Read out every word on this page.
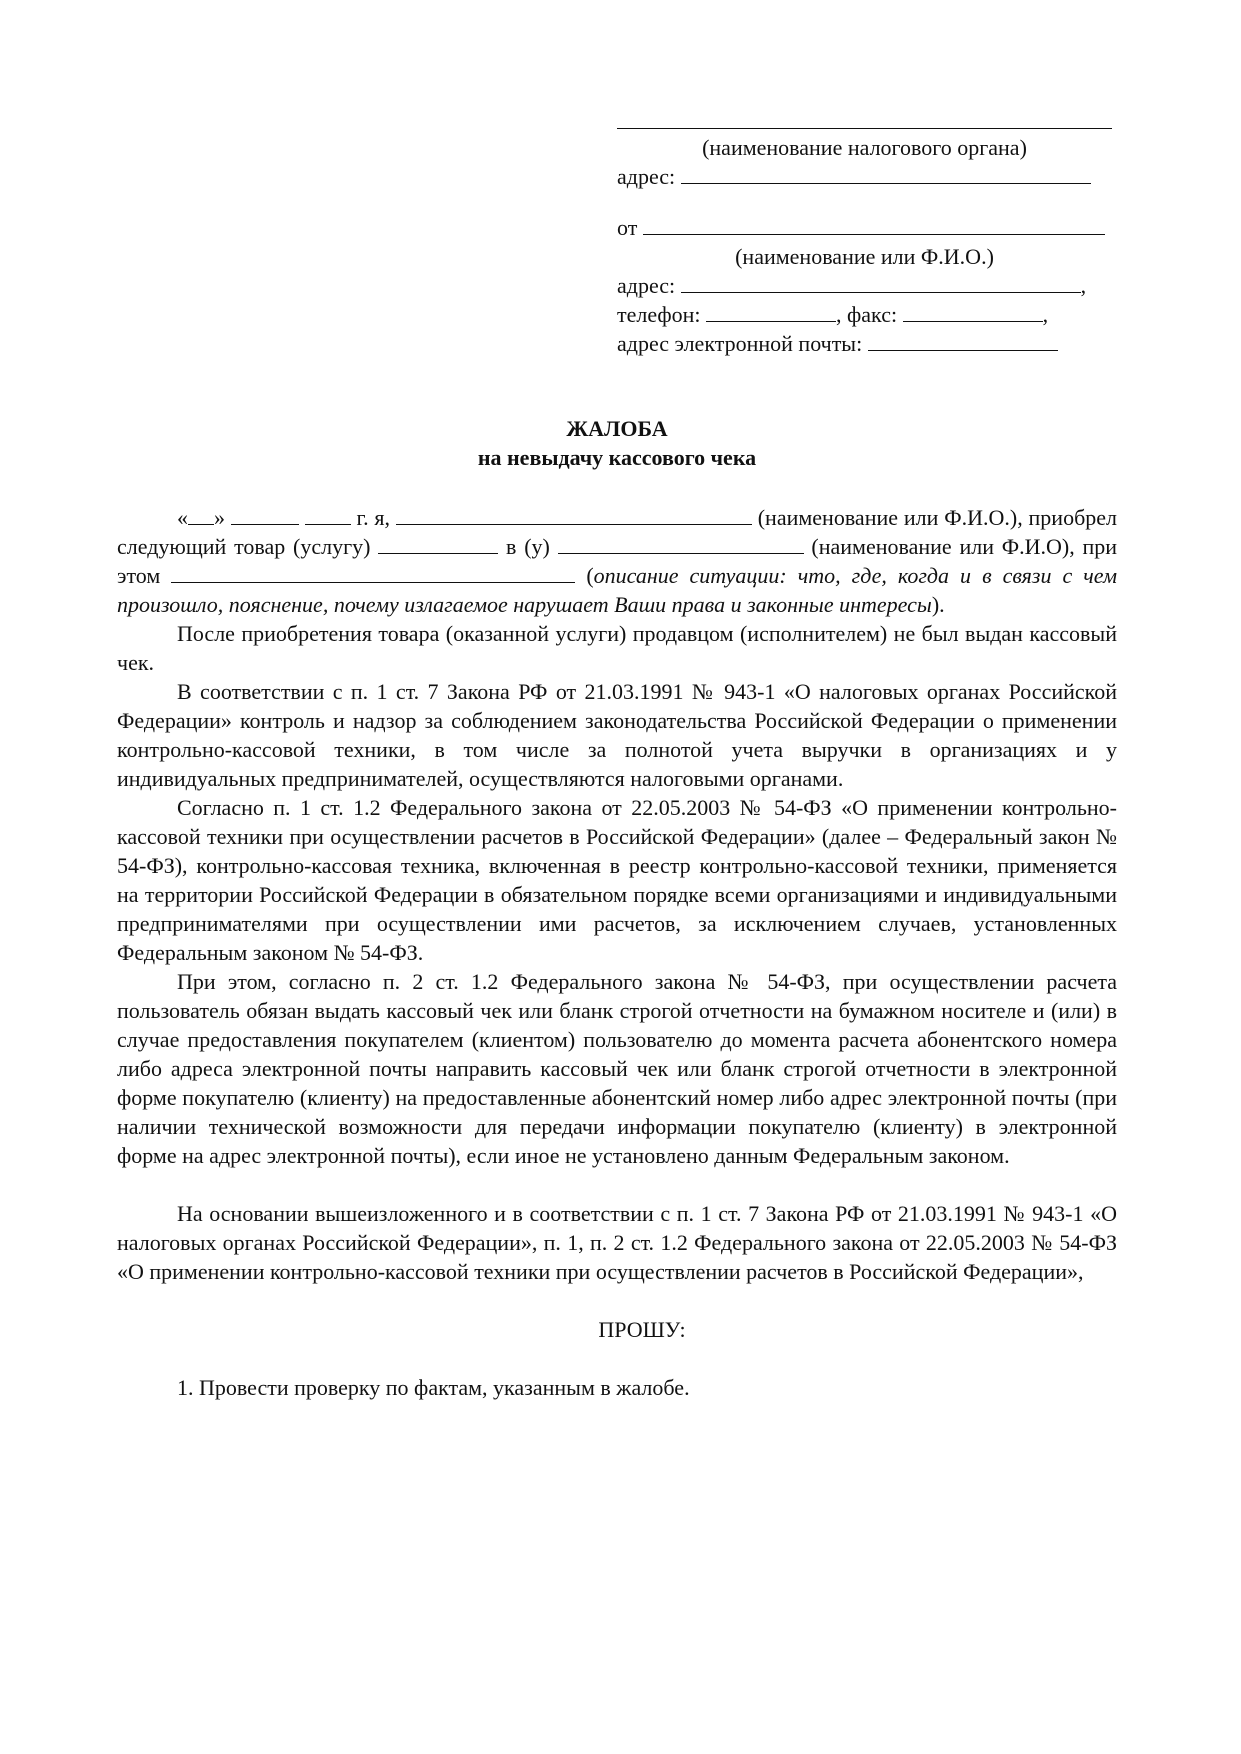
(наименование налогового органа)
адрес:
от
(наименование или Ф.И.О.)
адрес:	,
телефон:	, факс:	,
адрес электронной почты:
ЖАЛОБА
на невыдачу кассового чека

« »	г. я,	(наименование или Ф.И.О.), приобрел следующий товар (услугу)	в (у)	(наименование или Ф.И.О), при этом	(описание ситуации: что, где, когда и в связи с чем произошло, пояснение, почему излагаемое нарушает Ваши права и законные интересы).

После приобретения товара (оказанной услуги) продавцом (исполнителем) не был выдан кассовый чек.

В соответствии с п. 1 ст. 7 Закона РФ от 21.03.1991 № 943-1 «О налоговых органах Российской Федерации» контроль и надзор за соблюдением законодательства Российской Федерации о применении контрольно-кассовой техники, в том числе за полнотой учета выручки в организациях и у индивидуальных предпринимателей, осуществляются налоговыми органами.

Согласно п. 1 ст. 1.2 Федерального закона от 22.05.2003 № 54-ФЗ «О применении контрольно-кассовой техники при осуществлении расчетов в Российской Федерации» (далее – Федеральный закон № 54-ФЗ), контрольно-кассовая техника, включенная в реестр контрольно-кассовой техники, применяется на территории Российской Федерации в обязательном порядке всеми организациями и индивидуальными предпринимателями при осуществлении ими расчетов, за исключением случаев, установленных Федеральным законом № 54-ФЗ.

При этом, согласно п. 2 ст. 1.2 Федерального закона № 54-ФЗ, при осуществлении расчета пользователь обязан выдать кассовый чек или бланк строгой отчетности на бумажном носителе и (или) в случае предоставления покупателем (клиентом) пользователю до момента расчета абонентского номера либо адреса электронной почты направить кассовый чек или бланк строгой отчетности в электронной форме покупателю (клиенту) на предоставленные абонентский номер либо адрес электронной почты (при наличии технической возможности для передачи информации покупателю (клиенту) в электронной форме на адрес электронной почты), если иное не установлено данным Федеральным законом.

На основании вышеизложенного и в соответствии с п. 1 ст. 7 Закона РФ от 21.03.1991 № 943-1 «О налоговых органах Российской Федерации», п. 1, п. 2 ст. 1.2 Федерального закона от 22.05.2003 № 54-ФЗ «О применении контрольно-кассовой техники при осуществлении расчетов в Российской Федерации»,

ПРОШУ:

1. Провести проверку по фактам, указанным в жалобе.
